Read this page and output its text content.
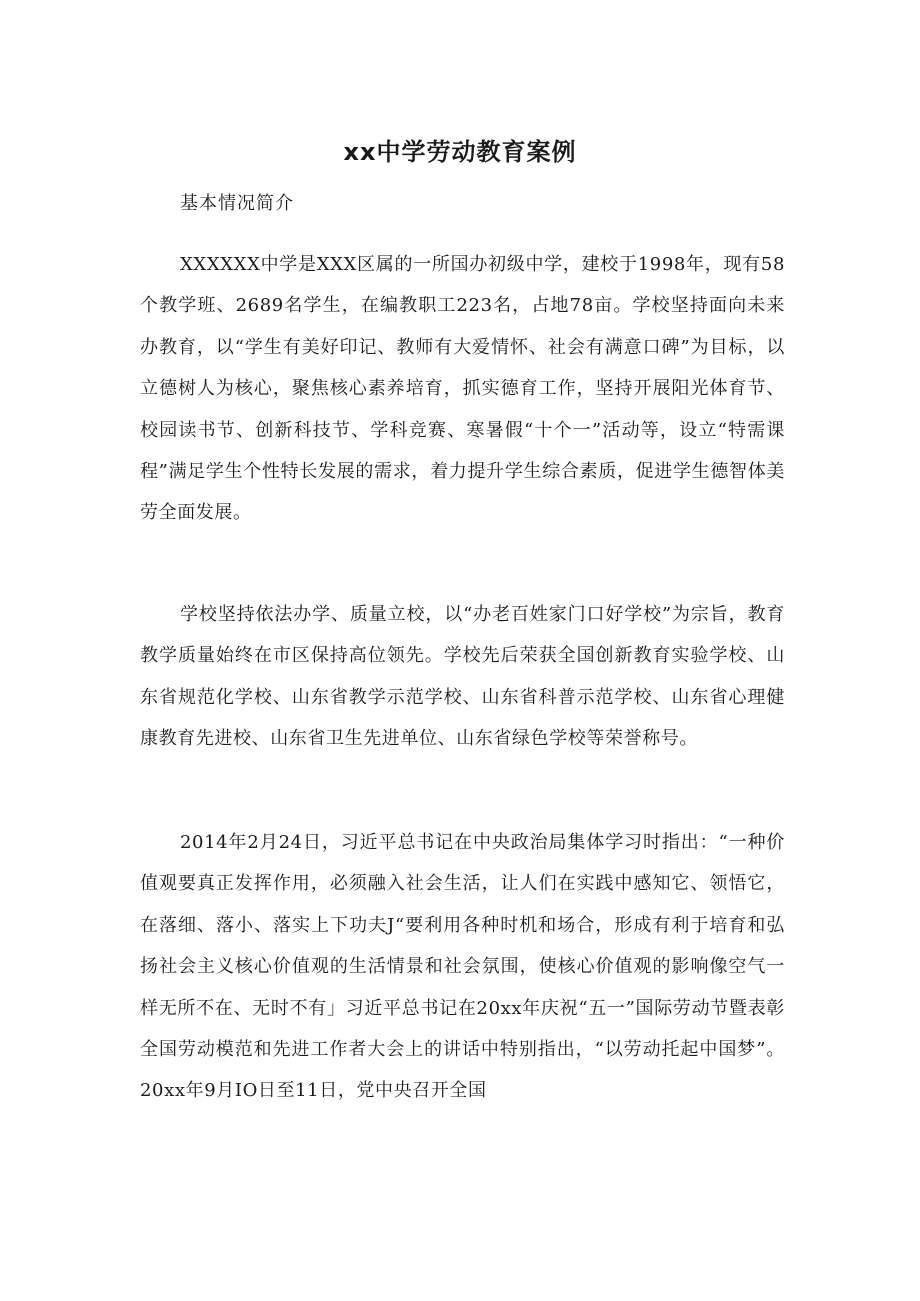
xx中学劳动教育案例
基本情况简介

XXXXXX中学是XXX区属的一所国办初级中学，建校于1998年，现有58个教学班、2689名学生，在编教职工223名，占地78亩。学校坚持面向未来办教育，以“学生有美好印记、教师有大爱情怀、社会有满意口碑”为目标，以立德树人为核心，聚焦核心素养培育，抓实德育工作，坚持开展阳光体育节、校园读书节、创新科技节、学科竞赛、寒暑假“十个一”活动等，设立“特需课程”满足学生个性特长发展的需求，着力提升学生综合素质，促进学生德智体美劳全面发展。

学校坚持依法办学、质量立校，以“办老百姓家门口好学校”为宗旨，教育教学质量始终在市区保持高位领先。学校先后荣获全国创新教育实验学校、山东省规范化学校、山东省教学示范学校、山东省科普示范学校、山东省心理健康教育先进校、山东省卫生先进单位、山东省绿色学校等荣誉称号。

2014年2月24日，习近平总书记在中央政治局集体学习时指出：“一种价值观要真正发挥作用，必须融入社会生活，让人们在实践中感知它、领悟它，在落细、落小、落实上下功夫J“要利用各种时机和场合，形成有利于培育和弘扬社会主义核心价值观的生活情景和社会氛围，使核心价值观的影响像空气一样无所不在、无时不有」习近平总书记在20xx年庆祝“五一”国际劳动节暨表彰全国劳动模范和先进工作者大会上的讲话中特别指出，“以劳动托起中国梦”。20xx年9月IO日至11日，党中央召开全国
